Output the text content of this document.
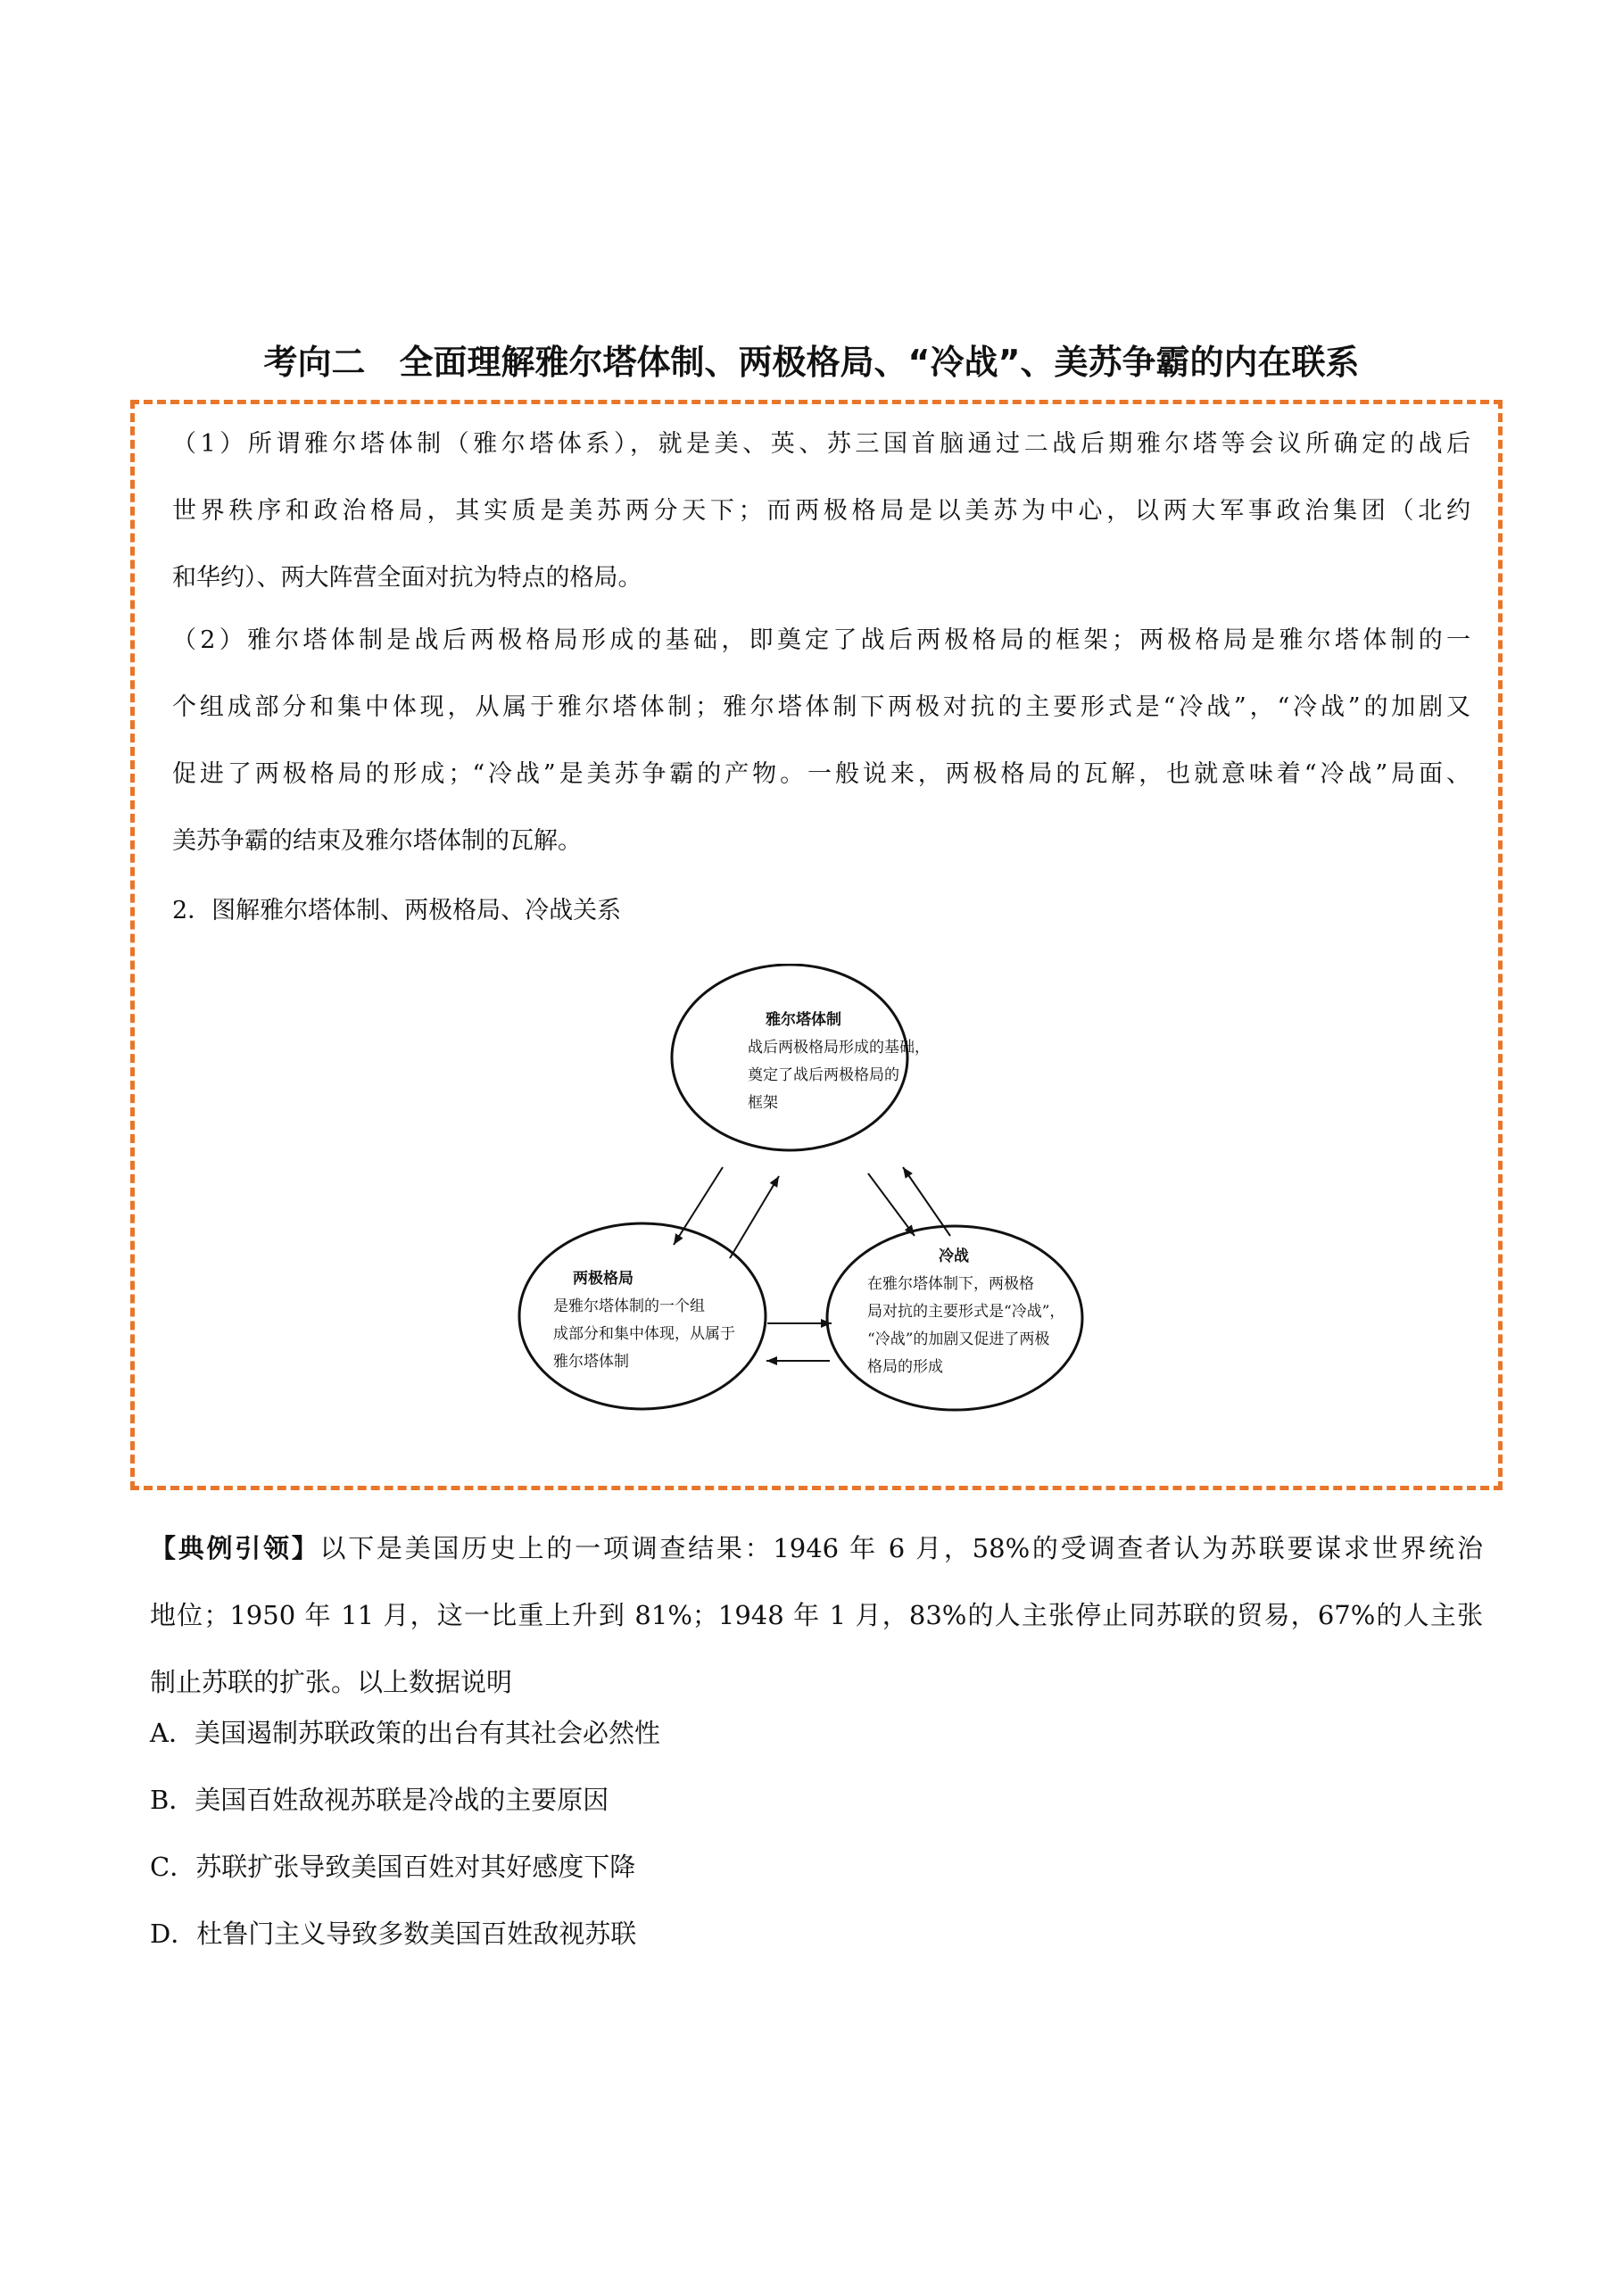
考向二　全面理解雅尔塔体制、两极格局、“冷战”、美苏争霸的内在联系
（1）所谓雅尔塔体制（雅尔塔体系），就是美、英、苏三国首脑通过二战后期雅尔塔等会议所确定的战后
世界秩序和政治格局，其实质是美苏两分天下；而两极格局是以美苏为中心，以两大军事政治集团（北约
和华约）、两大阵营全面对抗为特点的格局。
（2）雅尔塔体制是战后两极格局形成的基础，即奠定了战后两极格局的框架；两极格局是雅尔塔体制的一
个组成部分和集中体现，从属于雅尔塔体制；雅尔塔体制下两极对抗的主要形式是“冷战”，“冷战”的加剧又
促进了两极格局的形成；“冷战”是美苏争霸的产物。一般说来，两极格局的瓦解，也就意味着“冷战”局面、
美苏争霸的结束及雅尔塔体制的瓦解。
2．图解雅尔塔体制、两极格局、冷战关系
雅尔塔体制
战后两极格局形成的基础，
奠定了战后两极格局的
框架
两极格局
是雅尔塔体制的一个组
成部分和集中体现，从属于
雅尔塔体制
冷战
在雅尔塔体制下，两极格
局对抗的主要形式是“冷战”，
“冷战”的加剧又促进了两极
格局的形成
【典例引领】以下是美国历史上的一项调查结果：1946 年 6 月，58%的受调查者认为苏联要谋求世界统治
地位；1950 年 11 月，这一比重上升到 81%；1948 年 1 月，83%的人主张停止同苏联的贸易，67%的人主张
制止苏联的扩张。以上数据说明
A．美国遏制苏联政策的出台有其社会必然性
B．美国百姓敌视苏联是冷战的主要原因
C．苏联扩张导致美国百姓对其好感度下降
D．杜鲁门主义导致多数美国百姓敌视苏联
